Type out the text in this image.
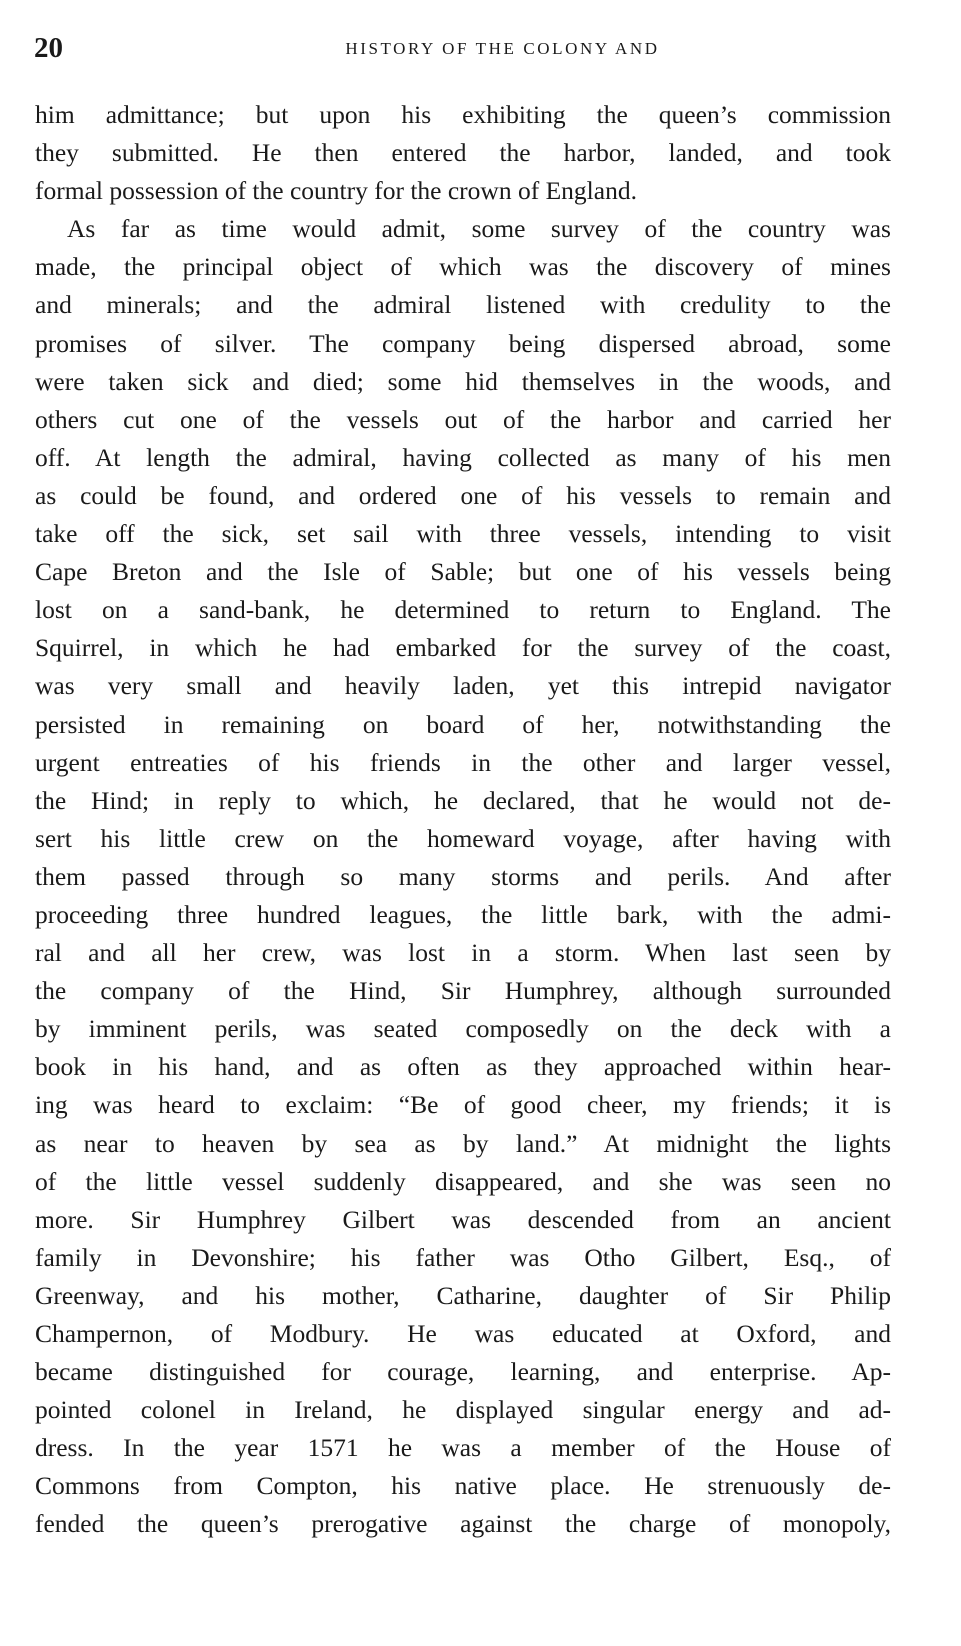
20	HISTORY OF THE COLONY AND
him admittance; but upon his exhibiting the queen’s commission
they submitted. He then entered the harbor, landed, and took
formal possession of the country for the crown of England.
As far as time would admit, some survey of the country was
made, the principal object of which was the discovery of mines
and minerals; and the admiral listened with credulity to the
promises of silver. The company being dispersed abroad, some
were taken sick and died; some hid themselves in the woods, and
others cut one of the vessels out of the harbor and carried her
off. At length the admiral, having collected as many of his men
as could be found, and ordered one of his vessels to remain and
take off the sick, set sail with three vessels, intending to visit
Cape Breton and the Isle of Sable; but one of his vessels being
lost on a sand-bank, he determined to return to England. The
Squirrel, in which he had embarked for the survey of the coast,
was very small and heavily laden, yet this intrepid navigator
persisted in remaining on board of her, notwithstanding the
urgent entreaties of his friends in the other and larger vessel,
the Hind; in reply to which, he declared, that he would not de-
sert his little crew on the homeward voyage, after having with
them passed through so many storms and perils. And after
proceeding three hundred leagues, the little bark, with the admi-
ral and all her crew, was lost in a storm. When last seen by
the company of the Hind, Sir Humphrey, although surrounded
by imminent perils, was seated composedly on the deck with a
book in his hand, and as often as they approached within hear-
ing was heard to exclaim: “Be of good cheer, my friends; it is
as near to heaven by sea as by land.” At midnight the lights
of the little vessel suddenly disappeared, and she was seen no
more. Sir Humphrey Gilbert was descended from an ancient
family in Devonshire; his father was Otho Gilbert, Esq., of
Greenway, and his mother, Catharine, daughter of Sir Philip
Champernon, of Modbury. He was educated at Oxford, and
became distinguished for courage, learning, and enterprise. Ap-
pointed colonel in Ireland, he displayed singular energy and ad-
dress. In the year 1571 he was a member of the House of
Commons from Compton, his native place. He strenuously de-
fended the queen’s prerogative against the charge of monopoly,
